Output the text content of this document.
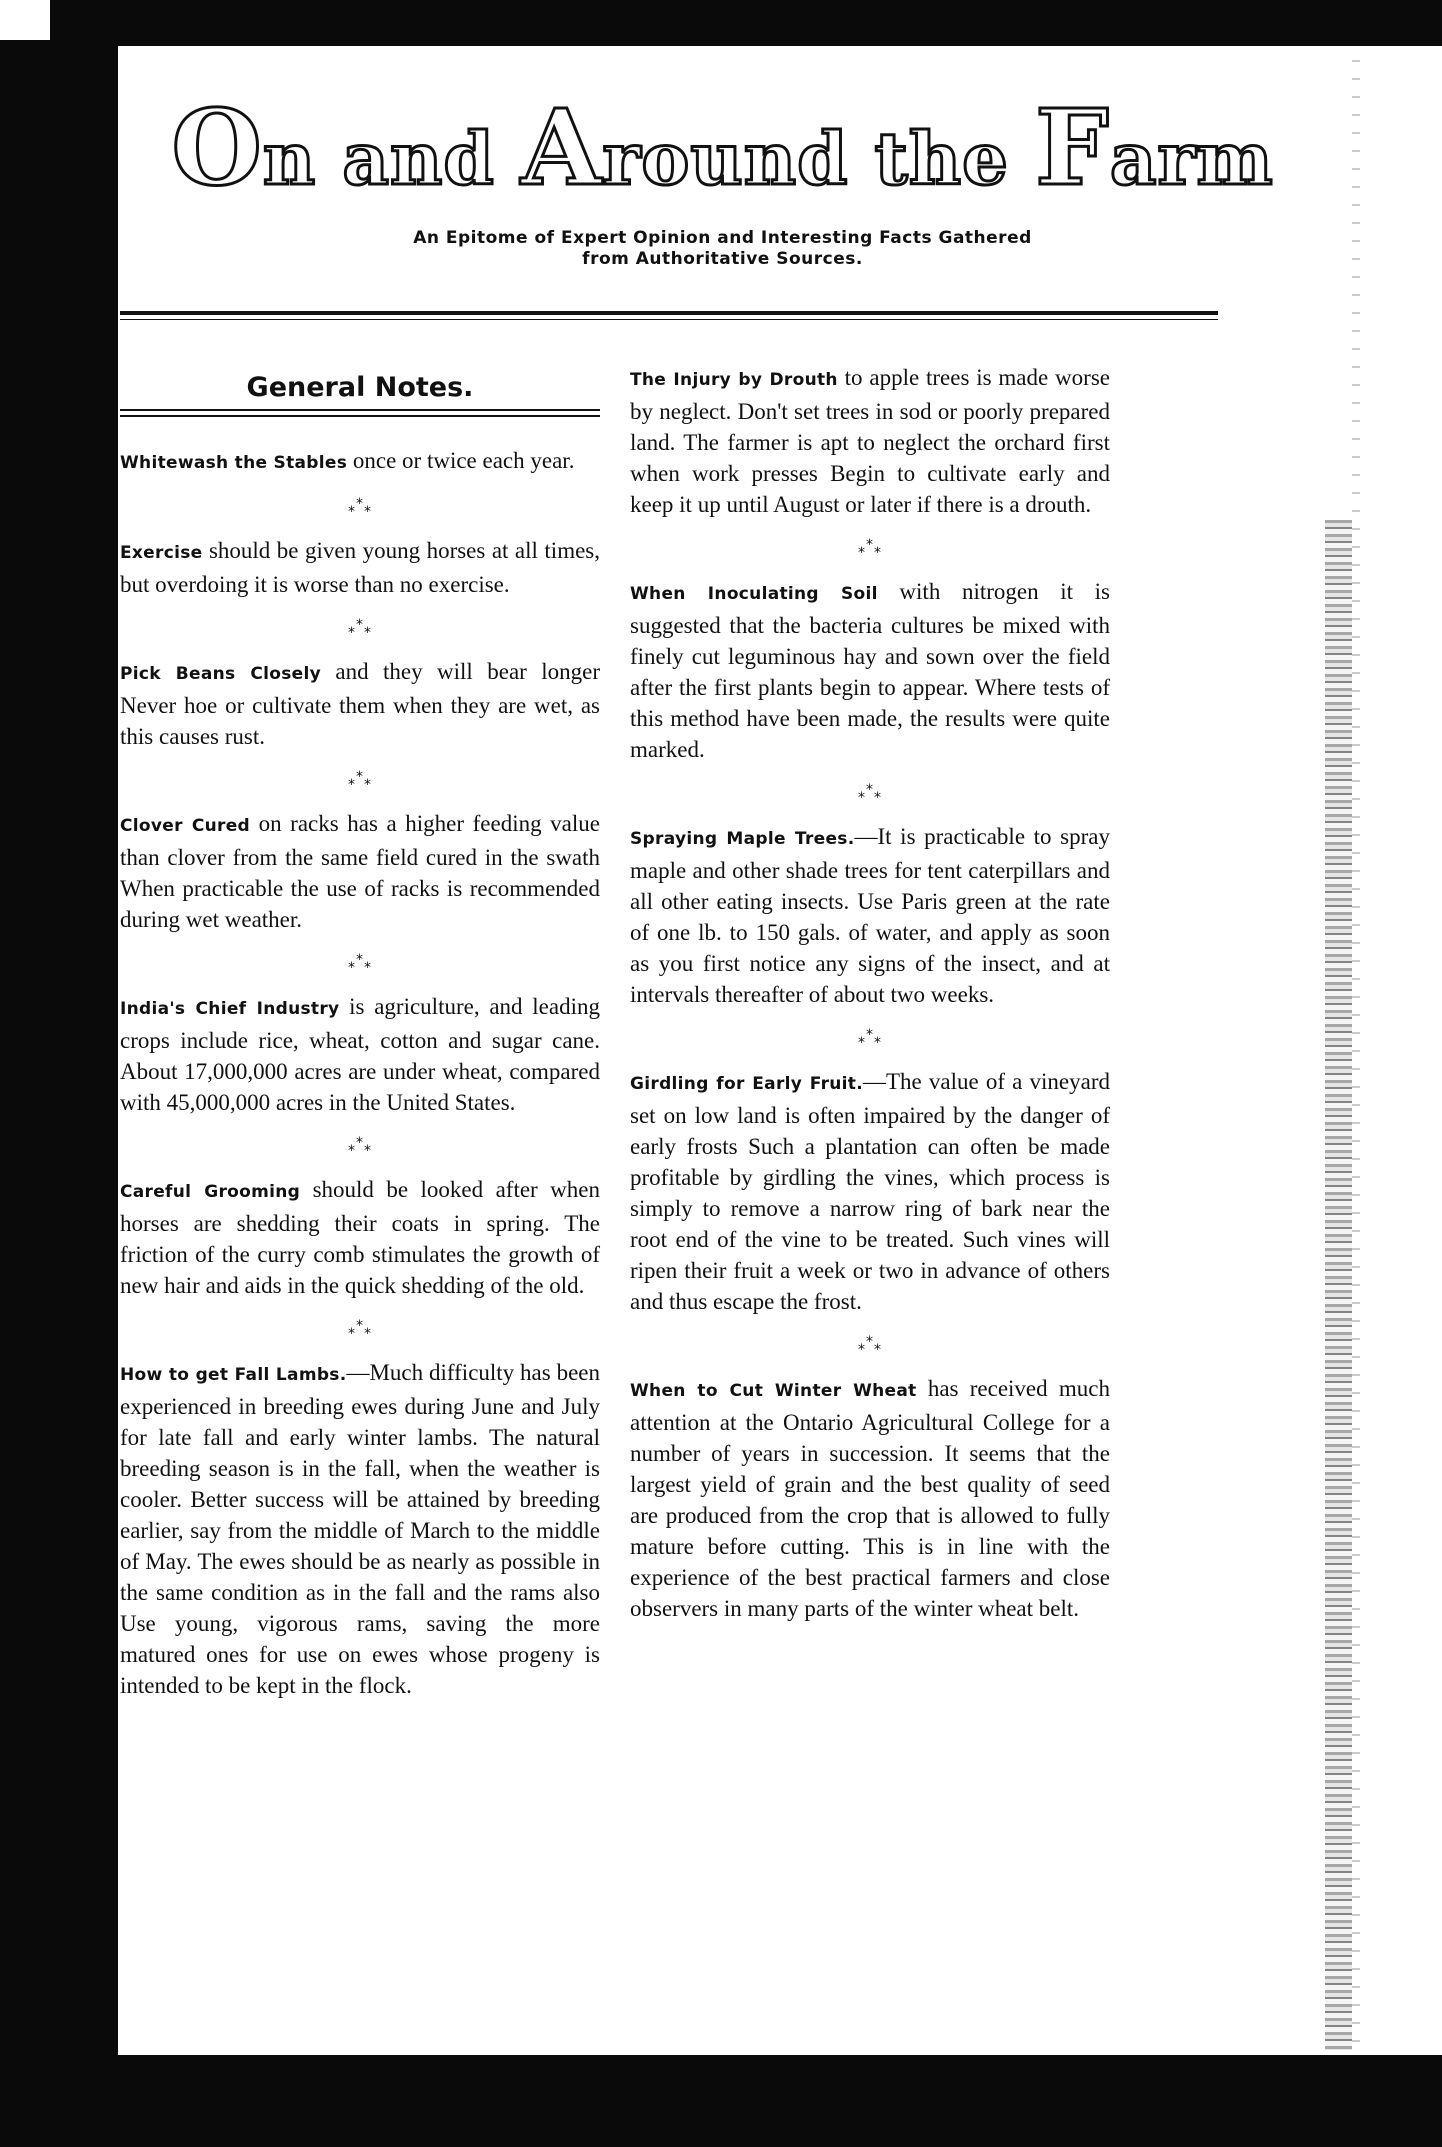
On and Around the Farm
An Epitome of Expert Opinion and Interesting Facts Gathered
from Authoritative Sources.
General Notes.

Whitewash the Stables once or twice each year.

***

Exercise should be given young horses at all times, but overdoing it is worse than no exercise.

***

Pick Beans Closely and they will bear longer Never hoe or cultivate them when they are wet, as this causes rust.

***

Clover Cured on racks has a higher feeding value than clover from the same field cured in the swath When practicable the use of racks is recommended during wet weather.

***

India's Chief Industry is agriculture, and leading crops include rice, wheat, cotton and sugar cane. About 17,000,000 acres are under wheat, compared with 45,000,000 acres in the United States.

***

Careful Grooming should be looked after when horses are shedding their coats in spring. The friction of the curry comb stimulates the growth of new hair and aids in the quick shedding of the old.

***

How to get Fall Lambs.—Much difficulty has been experienced in breeding ewes during June and July for late fall and early winter lambs. The natural breeding season is in the fall, when the weather is cooler. Better success will be attained by breeding earlier, say from the middle of March to the middle of May. The ewes should be as nearly as possible in the same condition as in the fall and the rams also Use young, vigorous rams, saving the more matured ones for use on ewes whose progeny is intended to be kept in the flock.

The Injury by Drouth to apple trees is made worse by neglect. Don't set trees in sod or poorly prepared land. The farmer is apt to neglect the orchard first when work presses Begin to cultivate early and keep it up until August or later if there is a drouth.

***

When Inoculating Soil with nitrogen it is suggested that the bacteria cultures be mixed with finely cut leguminous hay and sown over the field after the first plants begin to appear. Where tests of this method have been made, the results were quite marked.

***

Spraying Maple Trees.—It is practicable to spray maple and other shade trees for tent caterpillars and all other eating insects. Use Paris green at the rate of one lb. to 150 gals. of water, and apply as soon as you first notice any signs of the insect, and at intervals thereafter of about two weeks.

***

Girdling for Early Fruit.—The value of a vineyard set on low land is often impaired by the danger of early frosts Such a plantation can often be made profitable by girdling the vines, which process is simply to remove a narrow ring of bark near the root end of the vine to be treated. Such vines will ripen their fruit a week or two in advance of others and thus escape the frost.

***

When to Cut Winter Wheat has received much attention at the Ontario Agricultural College for a number of years in succession. It seems that the largest yield of grain and the best quality of seed are produced from the crop that is allowed to fully mature before cutting. This is in line with the experience of the best practical farmers and close observers in many parts of the winter wheat belt.
